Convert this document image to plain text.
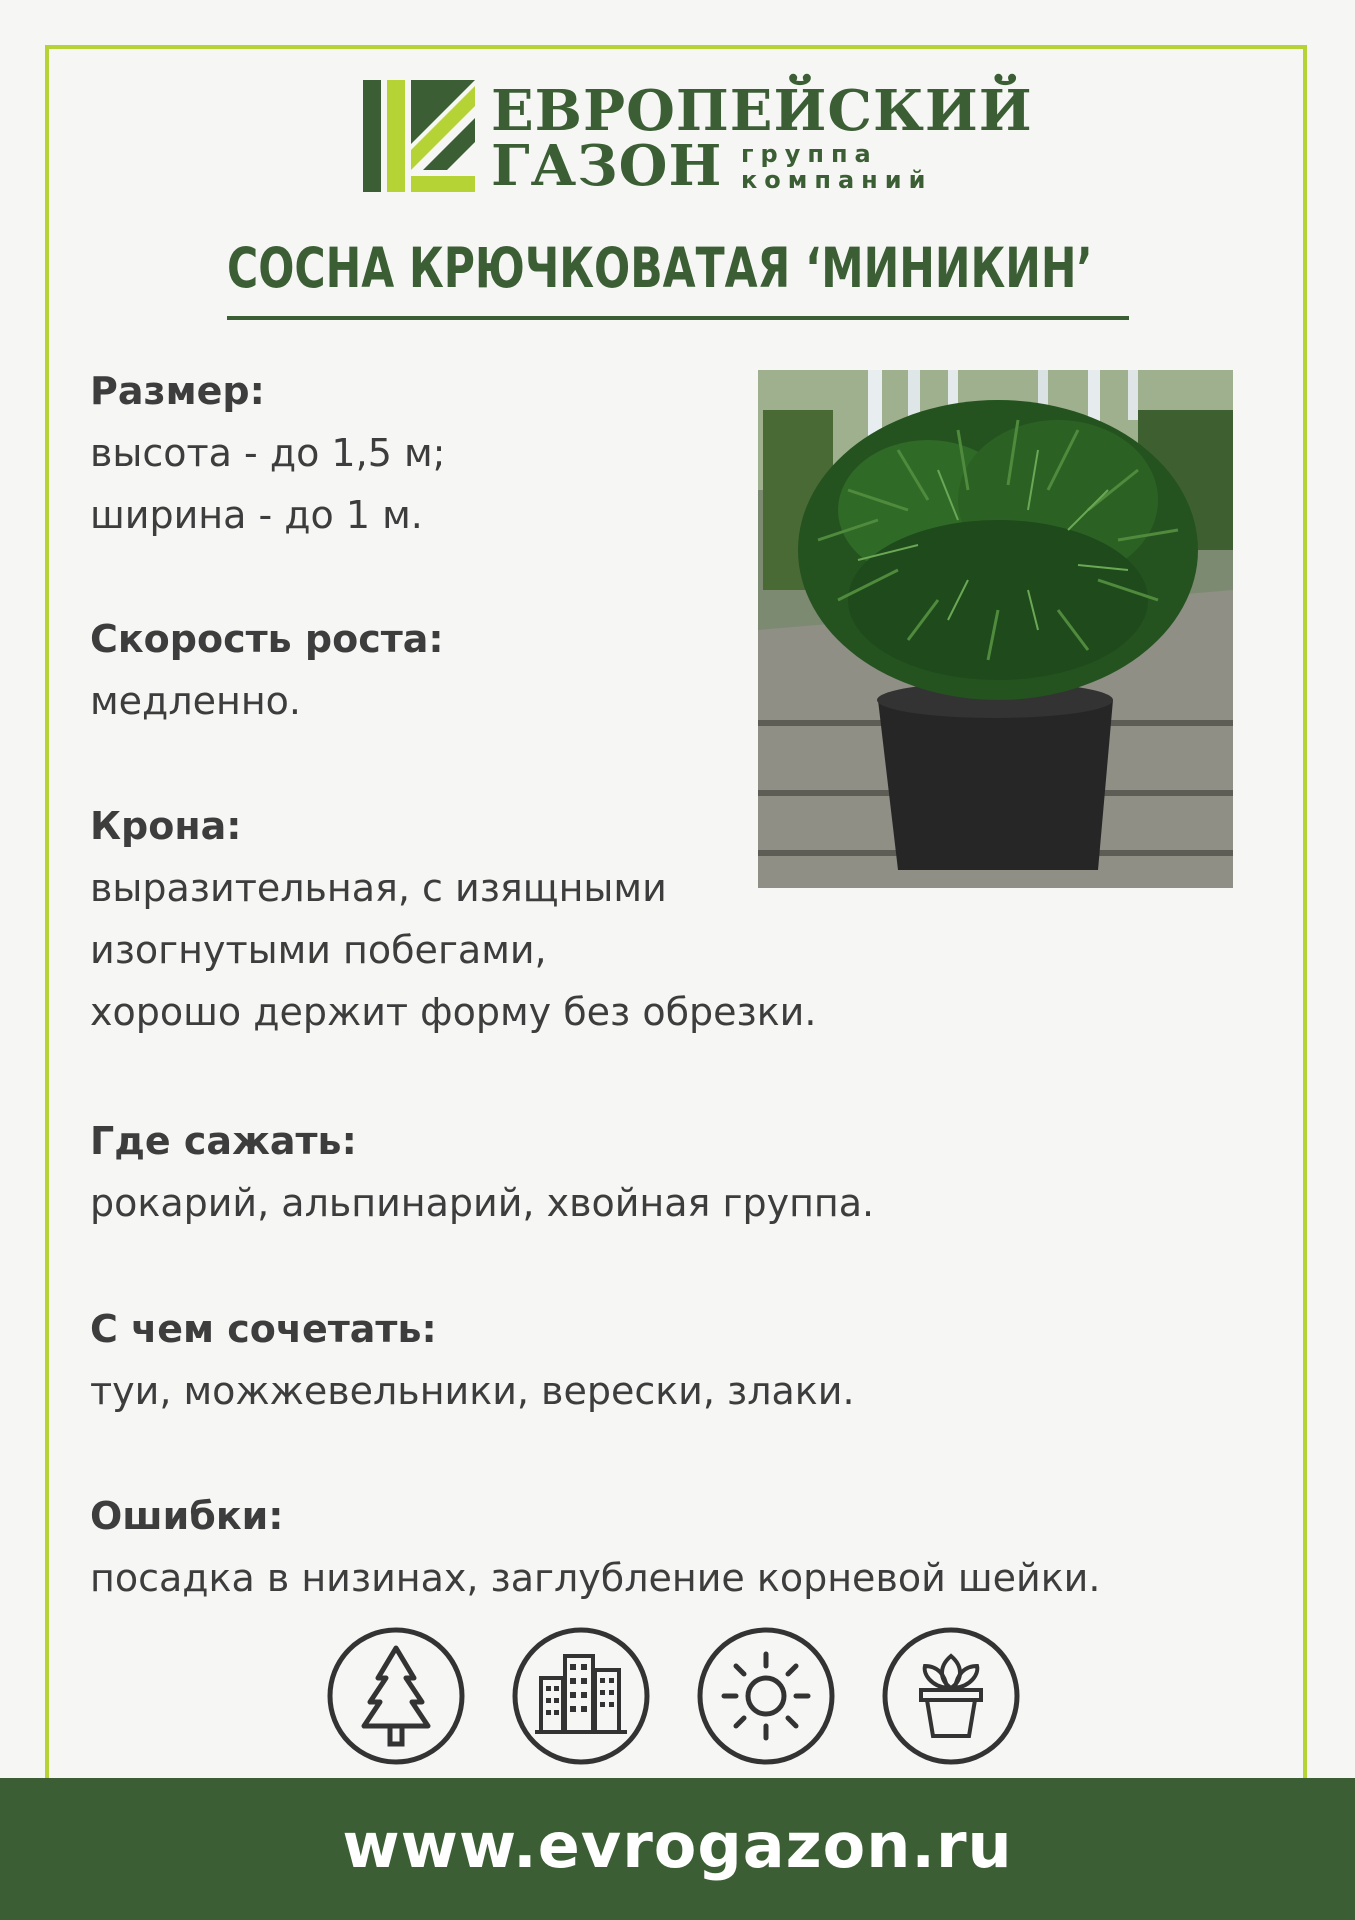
ЕВРОПЕЙСКИЙ
ГАЗОН группа
компаний
СОСНА КРЮЧКОВАТАЯ ‘МИНИКИН’
Размер:
высота - до 1,5 м;
ширина - до 1 м.
Скорость роста:
медленно.
Крона:
выразительная, с изящными
изогнутыми побегами,
хорошо держит форму без обрезки.
Где сажать:
рокарий, альпинарий, хвойная группа.
С чем сочетать:
туи, можжевельники, верески, злаки.
Ошибки:
посадка в низинах, заглубление корневой шейки.
www.evrogazon.ru
